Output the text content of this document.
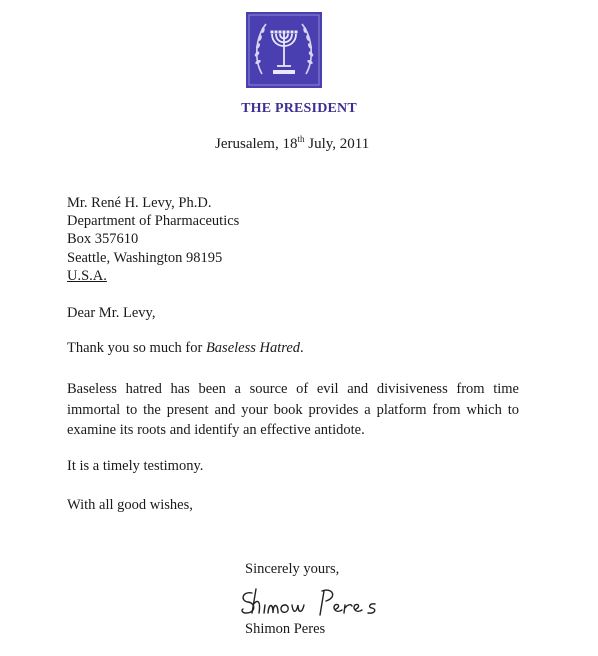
THE PRESIDENT
Jerusalem, 18th July, 2011
Mr. René H. Levy, Ph.D.
Department of Pharmaceutics
Box 357610
Seattle, Washington 98195
U.S.A.
Dear Mr. Levy,
Thank you so much for Baseless Hatred.
Baseless hatred has been a source of evil and divisiveness from time immortal to the present and your book provides a platform from which to examine its roots and identify an effective antidote.
It is a timely testimony.
With all good wishes,
Sincerely yours,
Shimon Peres
